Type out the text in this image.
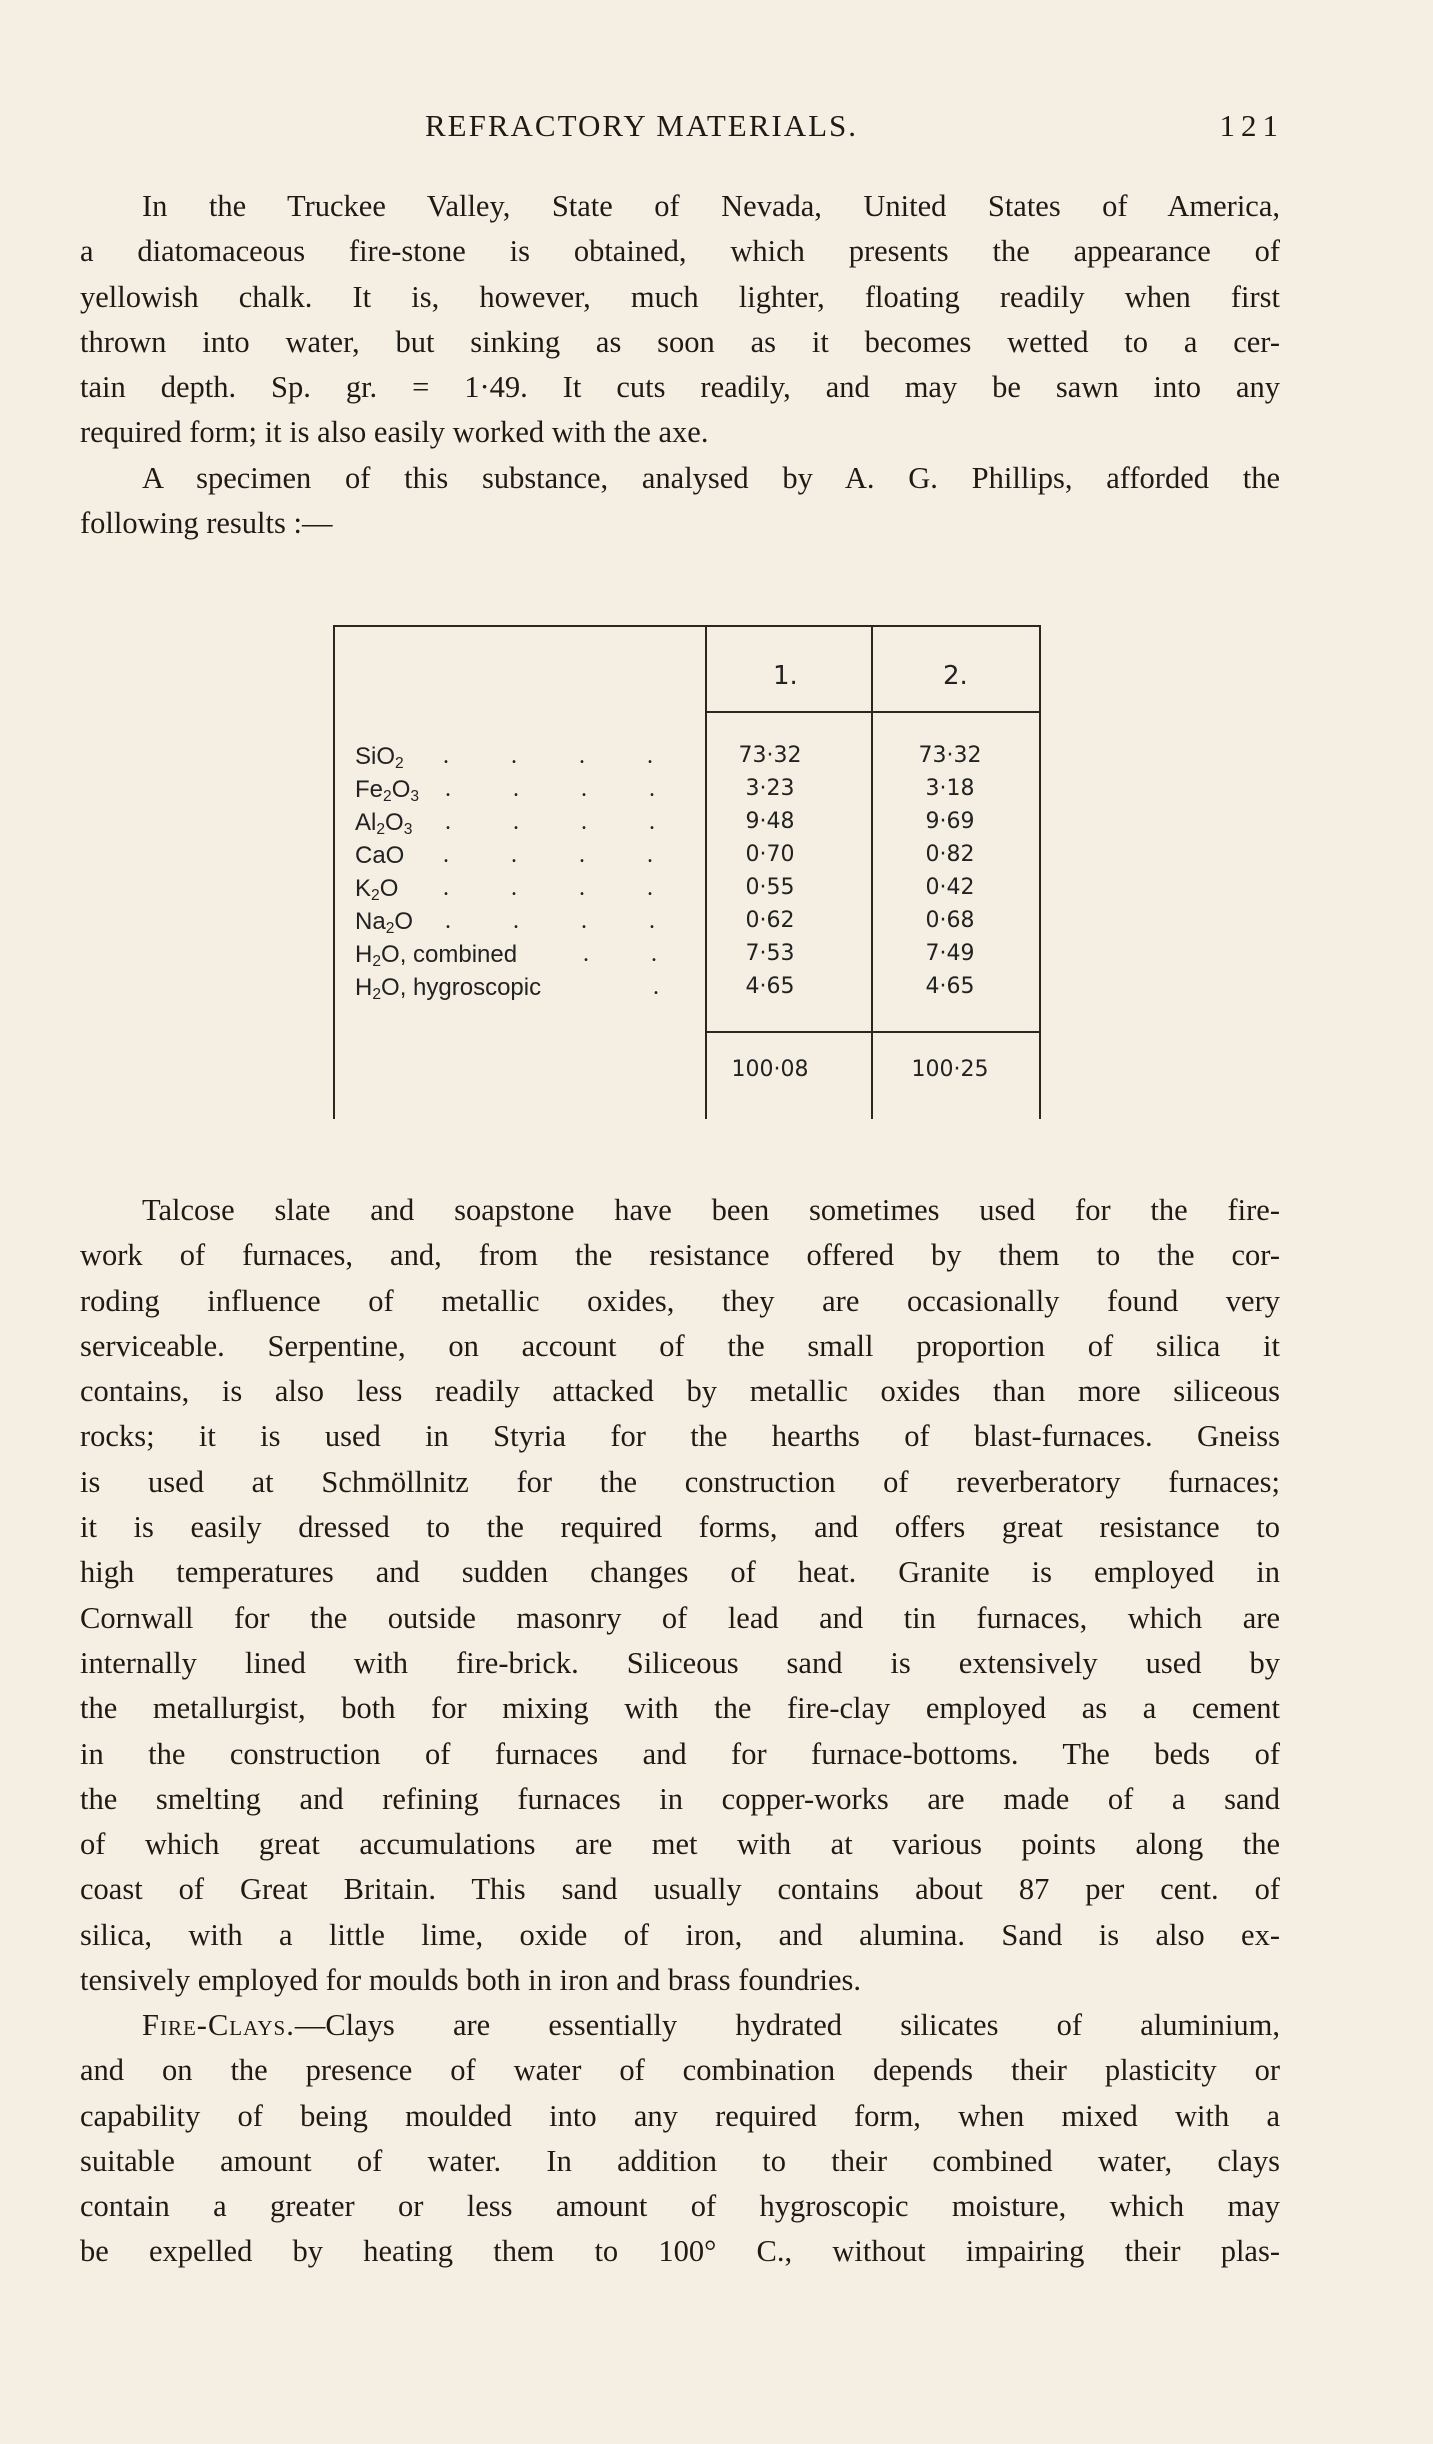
REFRACTORY MATERIALS.	121
In the Truckee Valley, State of Nevada, United States of America,
a diatomaceous fire-stone is obtained, which presents the appearance of
yellowish chalk. It is, however, much lighter, floating readily when first
thrown into water, but sinking as soon as it becomes wetted to a cer-
tain depth. Sp. gr. = 1·49. It cuts readily, and may be sawn into any
required form; it is also easily worked with the axe.
A specimen of this substance, analysed by A. G. Phillips, afforded the
following results :—
1.	2.
SiO$_2$ . . . .	73·32	73·32
$Fe_2O_3$ . . . .	3·23	3·18
$Al_2O_3$ . . . .	9·48	9·69
CaO . . . .	0·70	0·82
$K_2O$ . . . .	0·55	0·42
$Na_2O$ . . . .	0·62	0·68
$H_2O$, combined	. .	7·53	7·49
$H_2O$, hygroscopic	.	4·65	4·65
100·08	100·25
Talcose slate and soapstone have been sometimes used for the fire-
work of furnaces, and, from the resistance offered by them to the cor-
roding influence of metallic oxides, they are occasionally found very
serviceable. Serpentine, on account of the small proportion of silica it
contains, is also less readily attacked by metallic oxides than more siliceous
rocks; it is used in Styria for the hearths of blast-furnaces. Gneiss
is used at Schmöllnitz for the construction of reverberatory furnaces;
it is easily dressed to the required forms, and offers great resistance to
high temperatures and sudden changes of heat. Granite is employed in
Cornwall for the outside masonry of lead and tin furnaces, which are
internally lined with fire-brick. Siliceous sand is extensively used by
the metallurgist, both for mixing with the fire-clay employed as a cement
in the construction of furnaces and for furnace-bottoms. The beds of
the smelting and refining furnaces in copper-works are made of a sand
of which great accumulations are met with at various points along the
coast of Great Britain. This sand usually contains about 87 per cent. of
silica, with a little lime, oxide of iron, and alumina. Sand is also ex-
tensively employed for moulds both in iron and brass foundries.
Fire-Clays.—Clays are essentially hydrated silicates of aluminium,
and on the presence of water of combination depends their plasticity or
capability of being moulded into any required form, when mixed with a
suitable amount of water. In addition to their combined water, clays
contain a greater or less amount of hygroscopic moisture, which may
be expelled by heating them to 100° C., without impairing their plas-
